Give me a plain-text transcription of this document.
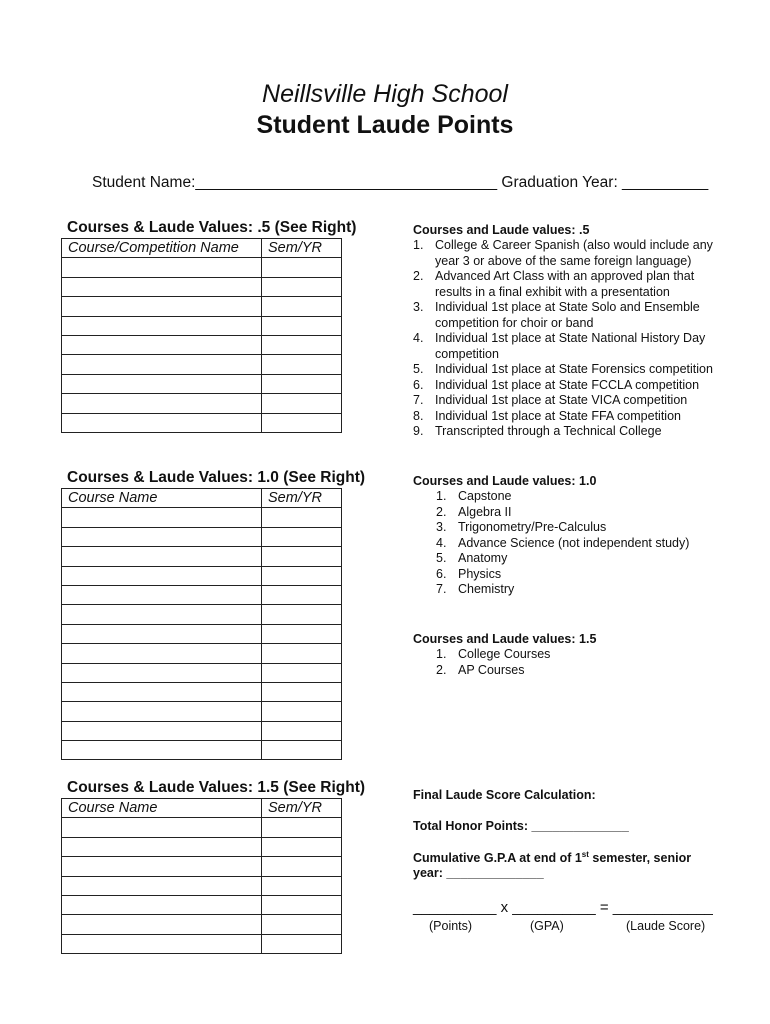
Neillsville High School
Student Laude Points
Student Name:___________________________________ Graduation Year: __________
Courses & Laude Values: .5 (See Right)
Course/Competition Name	Sem/YR

Courses & Laude Values: 1.0 (See Right)
Course Name	Sem/YR

Courses & Laude Values: 1.5 (See Right)
Course Name	Sem/YR

Courses and Laude values: .5
1. College & Career Spanish (also would include any year 3 or above of the same foreign language)
2. Advanced Art Class with an approved plan that results in a final exhibit with a presentation
3. Individual 1st place at State Solo and Ensemble competition for choir or band
4. Individual 1st place at State National History Day competition
5. Individual 1st place at State Forensics competition
6. Individual 1st place at State FCCLA competition
7. Individual 1st place at State VICA competition
8. Individual 1st place at State FFA competition
9. Transcripted through a Technical College
Courses and Laude values: 1.0
1. Capstone
2. Algebra II
3. Trigonometry/Pre-Calculus
4. Advance Science (not independent study)
5. Anatomy
6. Physics
7. Chemistry
Courses and Laude values: 1.5
1. College Courses
2. AP Courses
Final Laude Score Calculation:
Total Honor Points: ______________
Cumulative G.P.A at end of 1st semester, senior
year: ______________
__________ x __________ = ____________
(Points)	(GPA)	(Laude Score)
